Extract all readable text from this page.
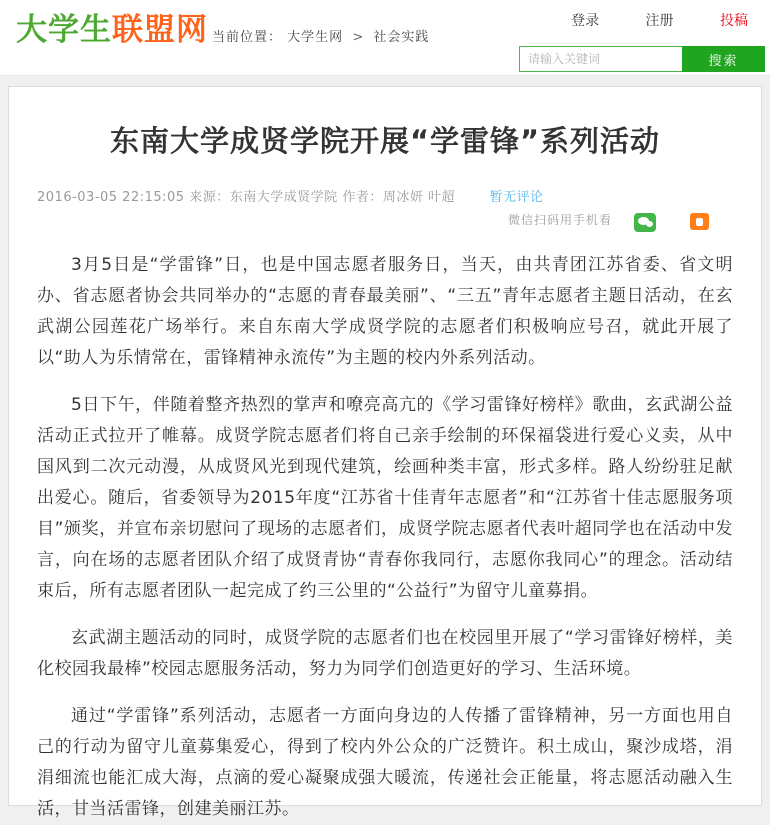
大学生联盟网 当前位置： 大学生网 > 社会实践
登录	注册	投稿
请输入关键词
搜索
东南大学成贤学院开展“学雷锋”系列活动
2016-03-05 22:15:05 来源：东南大学成贤学院 作者：周冰妍 叶超	暂无评论
微信扫码用手机看

3月5日是“学雷锋”日，也是中国志愿者服务日，当天，由共青团江苏省委、省文明办、省志愿者协会共同举办的“志愿的青春最美丽”、“三五”青年志愿者主题日活动，在玄武湖公园莲花广场举行。来自东南大学成贤学院的志愿者们积极响应号召，就此开展了以“助人为乐情常在，雷锋精神永流传”为主题的校内外系列活动。

5日下午，伴随着整齐热烈的掌声和嘹亮高亢的《学习雷锋好榜样》歌曲，玄武湖公益活动正式拉开了帷幕。成贤学院志愿者们将自己亲手绘制的环保福袋进行爱心义卖，从中国风到二次元动漫，从成贤风光到现代建筑，绘画种类丰富，形式多样。路人纷纷驻足献出爱心。随后，省委领导为2015年度“江苏省十佳青年志愿者”和“江苏省十佳志愿服务项目”颁奖，并宣布亲切慰问了现场的志愿者们，成贤学院志愿者代表叶超同学也在活动中发言，向在场的志愿者团队介绍了成贤青协“青春你我同行，志愿你我同心”的理念。活动结束后，所有志愿者团队一起完成了约三公里的“公益行”为留守儿童募捐。

玄武湖主题活动的同时，成贤学院的志愿者们也在校园里开展了“学习雷锋好榜样，美化校园我最棒”校园志愿服务活动，努力为同学们创造更好的学习、生活环境。

通过“学雷锋”系列活动，志愿者一方面向身边的人传播了雷锋精神，另一方面也用自己的行动为留守儿童募集爱心，得到了校内外公众的广泛赞许。积土成山，聚沙成塔，涓涓细流也能汇成大海，点滴的爱心凝聚成强大暖流，传递社会正能量，将志愿活动融入生活，甘当活雷锋，创建美丽江苏。
